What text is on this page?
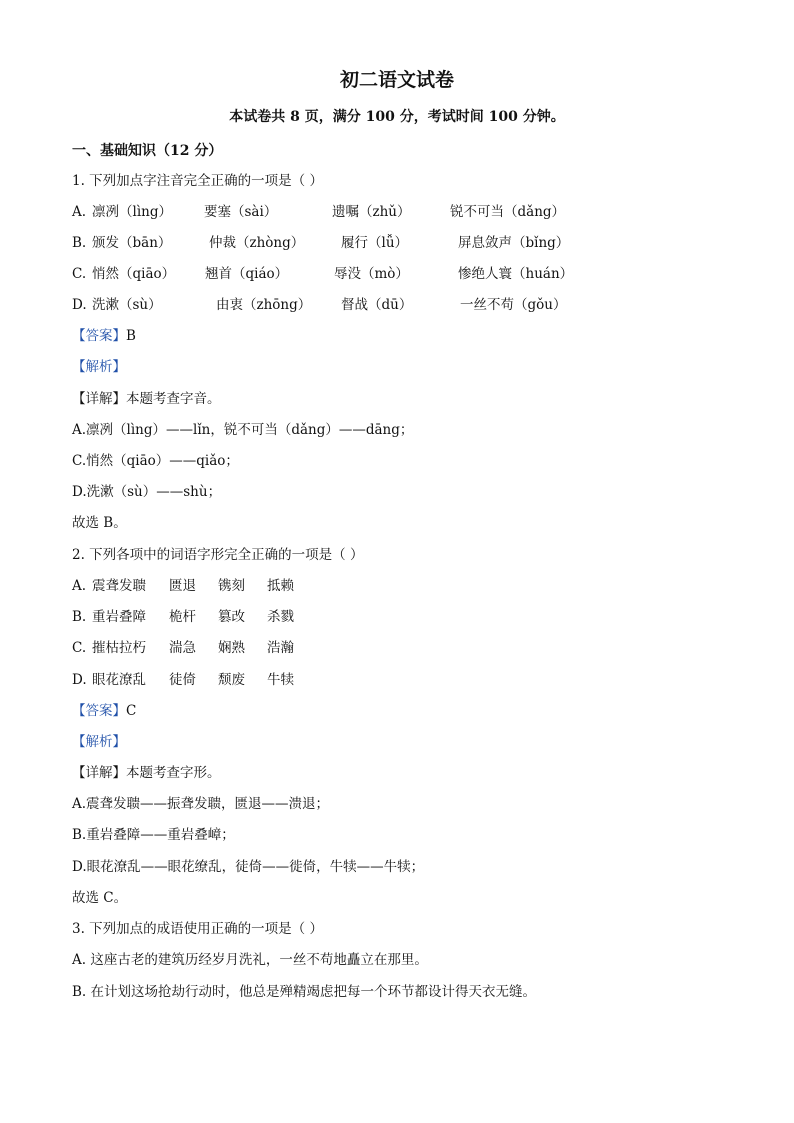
初二语文试卷
本试卷共 8 页，满分 100 分，考试时间 100 分钟。
一、基础知识（12 分）
1. 下列加点字注音完全正确的一项是（ ）
A. 凛冽（lìng） 要塞（sài）	遗嘱（zhǔ）	锐不可当（dǎng）
B. 颁发（bān）	仲裁（zhòng）	履行（lǚ）	屏息敛声（bǐng）
C. 悄然（qiāo） 翘首（qiáo）	辱没（mò）	惨绝人寰（huán）
D. 洗漱（sù）	由衷（zhōng） 督战（dū）	一丝不苟（gǒu）
【答案】B
【解析】
【详解】本题考查字音。
A.凛冽（lìng）——lǐn，锐不可当（dǎng）——dāng；
C.悄然（qiāo）——qiǎo；
D.洗漱（sù）——shù；
故选 B。
2. 下列各项中的词语字形完全正确的一项是（ ）
A. 震聋发聩 匮退 镌刻 抵赖
B. 重岩叠障 桅杆 篡改 杀戮
C. 摧枯拉朽 湍急 娴熟 浩瀚
D. 眼花潦乱 徒倚 颓废 牛犊
【答案】C
【解析】
【详解】本题考查字形。
A.震聋发聩——振聋发聩，匮退——溃退；
B.重岩叠障——重岩叠嶂；
D.眼花潦乱——眼花缭乱，徒倚——徙倚，牛犊——牛犊；
故选 C。
3. 下列加点的成语使用正确的一项是（ ）
A. 这座古老的建筑历经岁月洗礼，一丝不苟地矗立在那里。
B. 在计划这场抢劫行动时，他总是殚精竭虑把每一个环节都设计得天衣无缝。
